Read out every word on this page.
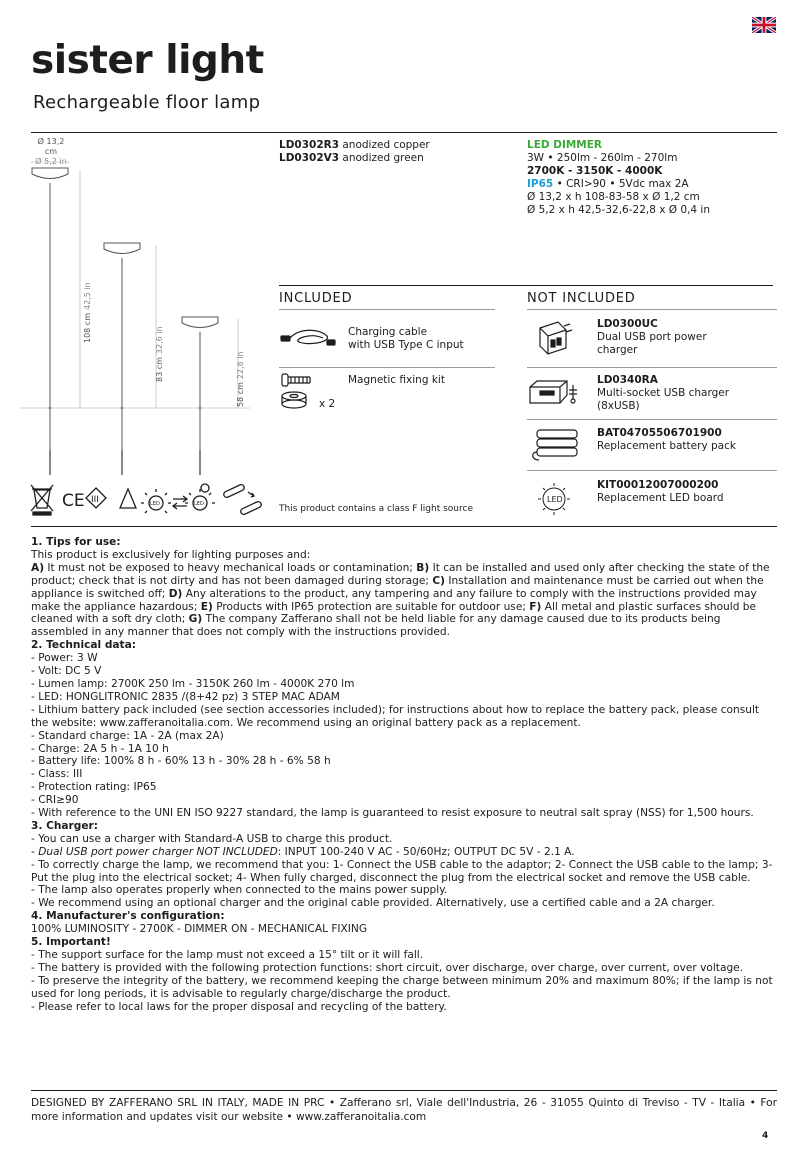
sister light
Rechargeable floor lamp
Ø 13,2 cm
Ø 5,2 in
108 cm42,5 in
83 cm32,6 in
58 cm22,8 in
CE III	LED	LED
LD0302R3 anodized copper
LD0302V3 anodized green
LED DIMMER
3W • 250lm - 260lm - 270lm
2700K - 3150K - 4000K
IP65 • CRI>90 • 5Vdc max 2A
Ø 13,2 x h 108-83-58 x Ø 1,2 cm
Ø 5,2 x h 42,5-32,6-22,8 x Ø 0,4 in
INCLUDED	NOT INCLUDED
Charging cable
with USB Type C input
Magnetic fixing kit
x 2
This product contains a class F light source
LD0300UC
Dual USB port power
charger
LD0340RA
Multi-socket USB charger
(8xUSB)
BAT04705506701900
Replacement battery pack
LED
KIT00012007000200
Replacement LED board

1. Tips for use:

This product is exclusively for lighting purposes and:

A) It must not be exposed to heavy mechanical loads or contamination; B) It can be installed and used only after checking the state of the product; check that is not dirty and has not been damaged during storage; C) Installation and maintenance must be carried out when the appliance is switched off; D) Any alterations to the product, any tampering and any failure to comply with the instructions provided may make the appliance hazardous; E) Products with IP65 protection are suitable for outdoor use; F) All metal and plastic surfaces should be cleaned with a soft dry cloth; G) The company Zafferano shall not be held liable for any damage caused due to its products being assembled in any manner that does not comply with the instructions provided.

2. Technical data:

- Power: 3 W

- Volt: DC 5 V

- Lumen lamp: 2700K 250 lm - 3150K 260 lm - 4000K 270 lm

- LED: HONGLITRONIC 2835 /(8+42 pz) 3 STEP MAC ADAM

- Lithium battery pack included (see section accessories included); for instructions about how to replace the battery pack, please consult the website: www.zafferanoitalia.com. We recommend using an original battery pack as a replacement.

- Standard charge: 1A - 2A (max 2A)

- Charge: 2A 5 h - 1A 10 h

- Battery life: 100% 8 h - 60% 13 h - 30% 28 h - 6% 58 h

- Class: III

- Protection rating: IP65

- CRI≥90

- With reference to the UNI EN ISO 9227 standard, the lamp is guaranteed to resist exposure to neutral salt spray (NSS) for 1,500 hours.

3. Charger:

- You can use a charger with Standard-A USB to charge this product.

- Dual USB port power charger NOT INCLUDED: INPUT 100-240 V AC - 50/60Hz; OUTPUT DC 5V - 2.1 A.

- To correctly charge the lamp, we recommend that you: 1- Connect the USB cable to the adaptor; 2- Connect the USB cable to the lamp; 3- Put the plug into the electrical socket; 4- When fully charged, disconnect the plug from the electrical socket and remove the USB cable.

- The lamp also operates properly when connected to the mains power supply.

- We recommend using an optional charger and the original cable provided. Alternatively, use a certified cable and a 2A charger.

4. Manufacturer's configuration:

100% LUMINOSITY - 2700K - DIMMER ON - MECHANICAL FIXING

5. Important!

- The support surface for the lamp must not exceed a 15° tilt or it will fall.

- The battery is provided with the following protection functions: short circuit, over discharge, over charge, over current, over voltage.

- To preserve the integrity of the battery, we recommend keeping the charge between minimum 20% and maximum 80%; if the lamp is not used for long periods, it is advisable to regularly charge/discharge the product.

- Please refer to local laws for the proper disposal and recycling of the battery.

DESIGNED BY ZAFFERANO SRL IN ITALY, MADE IN PRC • Zafferano srl, Viale dell'Industria, 26 - 31055 Quinto di Treviso - TV - Italia • For more information and updates visit our website • www.zafferanoitalia.com
4
